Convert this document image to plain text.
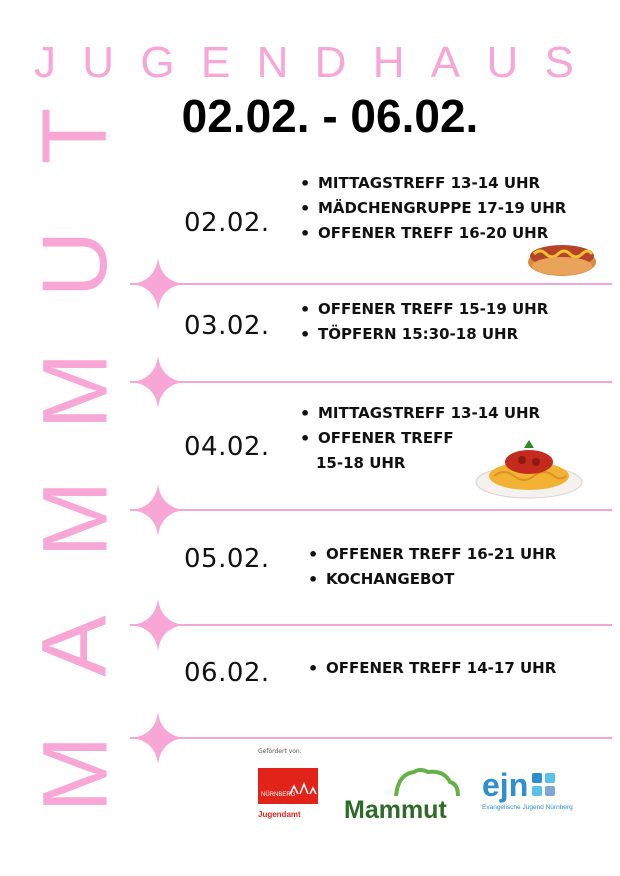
J U G E N D H A U S
02.02. - 06.02.
M
A
M
M
U
T
02.02.
• MITTAGSTREFF 13-14 UHR
• MÄDCHENGRUPPE 17-19 UHR
• OFFENER TREFF 16-20 UHR
03.02.
• OFFENER TREFF 15-19 UHR
• TÖPFERN 15:30-18 UHR
04.02.
• MITTAGSTREFF 13-14 UHR
• OFFENER TREFF
15-18 UHR
05.02.	• OFFENER TREFF 16-21 UHR
• KOCHANGEBOT
06.02.	• OFFENER TREFF 14-17 UHR
Gefördert von:
NÜRNBERG
Jugendamt	Mammut
ejn
Evangelische Jugend Nürnberg
